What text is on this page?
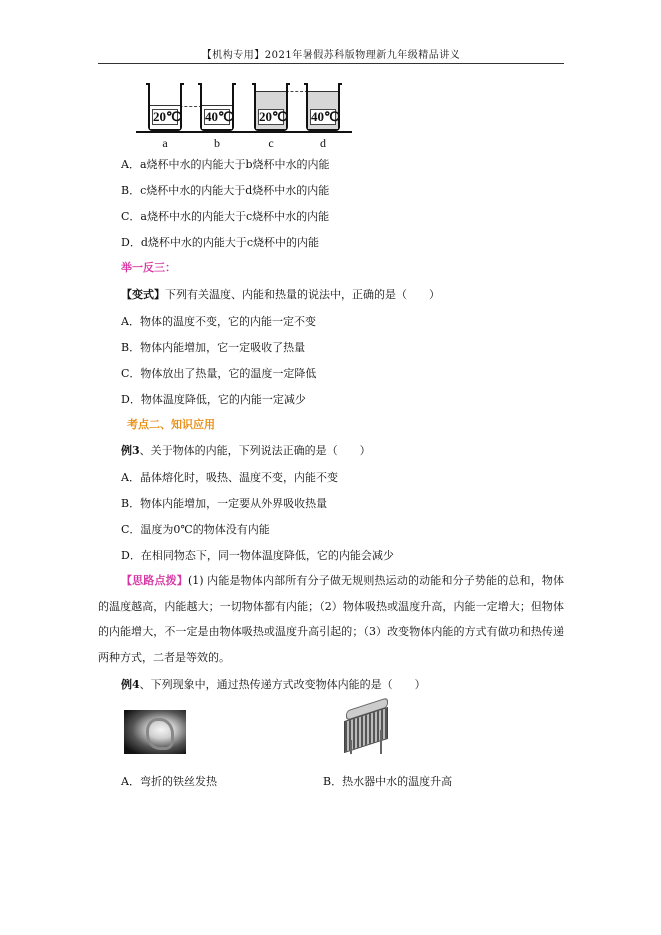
【机构专用】2021年暑假苏科版物理新九年级精品讲义
20℃ 40℃ 20℃ 40℃
a	b	c	d
A．a烧杯中水的内能大于b烧杯中水的内能
B．c烧杯中水的内能大于d烧杯中水的内能
C．a烧杯中水的内能大于c烧杯中水的内能
D．d烧杯中水的内能大于c烧杯中的内能
举一反三：
【变式】下列有关温度、内能和热量的说法中，正确的是（　　）
A．物体的温度不变，它的内能一定不变
B．物体内能增加，它一定吸收了热量
C．物体放出了热量，它的温度一定降低
D．物体温度降低，它的内能一定减少
考点二、知识应用
例3、关于物体的内能，下列说法正确的是（　　）
A．晶体熔化时，吸热、温度不变，内能不变
B．物体内能增加，一定要从外界吸收热量
C．温度为0℃的物体没有内能
D．在相同物态下，同一物体温度降低，它的内能会减少
【思路点拨】(1) 内能是物体内部所有分子做无规则热运动的动能和分子势能的总和，物体的温度越高，内能越大；一切物体都有内能；（2）物体吸热或温度升高，内能一定增大；但物体的内能增大，不一定是由物体吸热或温度升高引起的；（3）改变物体内能的方式有做功和热传递两种方式，二者是等效的。
例4、下列现象中，通过热传递方式改变物体内能的是（　　）
A．弯折的铁丝发热	B．热水器中水的温度升高
